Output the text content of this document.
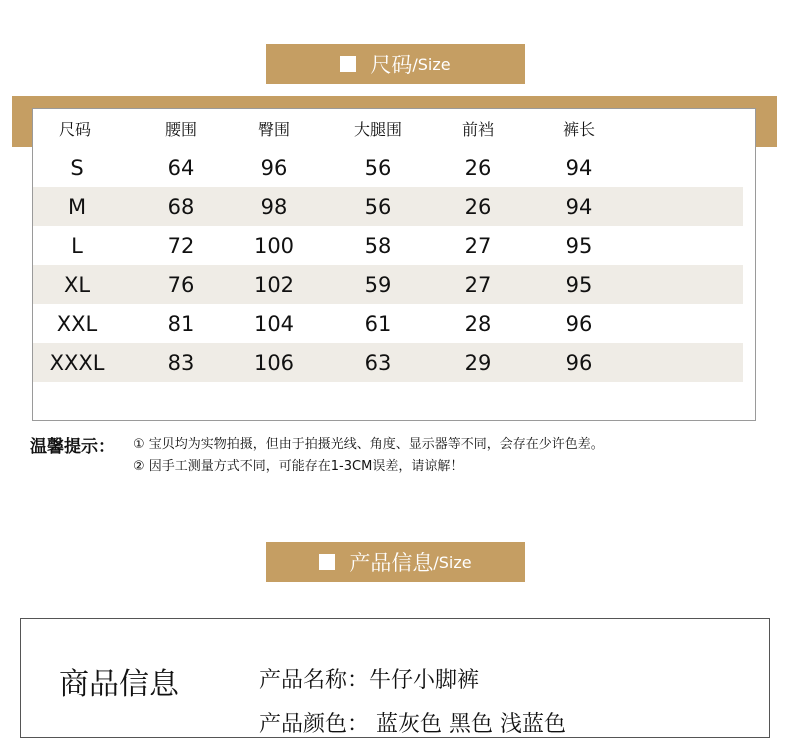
尺码 /Size
尺码	腰围	臀围	大腿围	前裆	裤长
S	64	96	56	26	94
M	68	98	56	26	94
L	72	100	58	27	95
XL	76	102	59	27	95
XXL	81	104	61	28	96
XXXL	83	106	63	29	96
温馨提示： ① 宝贝均为实物拍摄，但由于拍摄光线、角度、显示器等不同，会存在少许色差。
② 因手工测量方式不同，可能存在1-3CM误差，请谅解！
产品信息 /Size
商品信息	产品名称：牛仔小脚裤
产品颜色： 蓝灰色 黑色 浅蓝色
